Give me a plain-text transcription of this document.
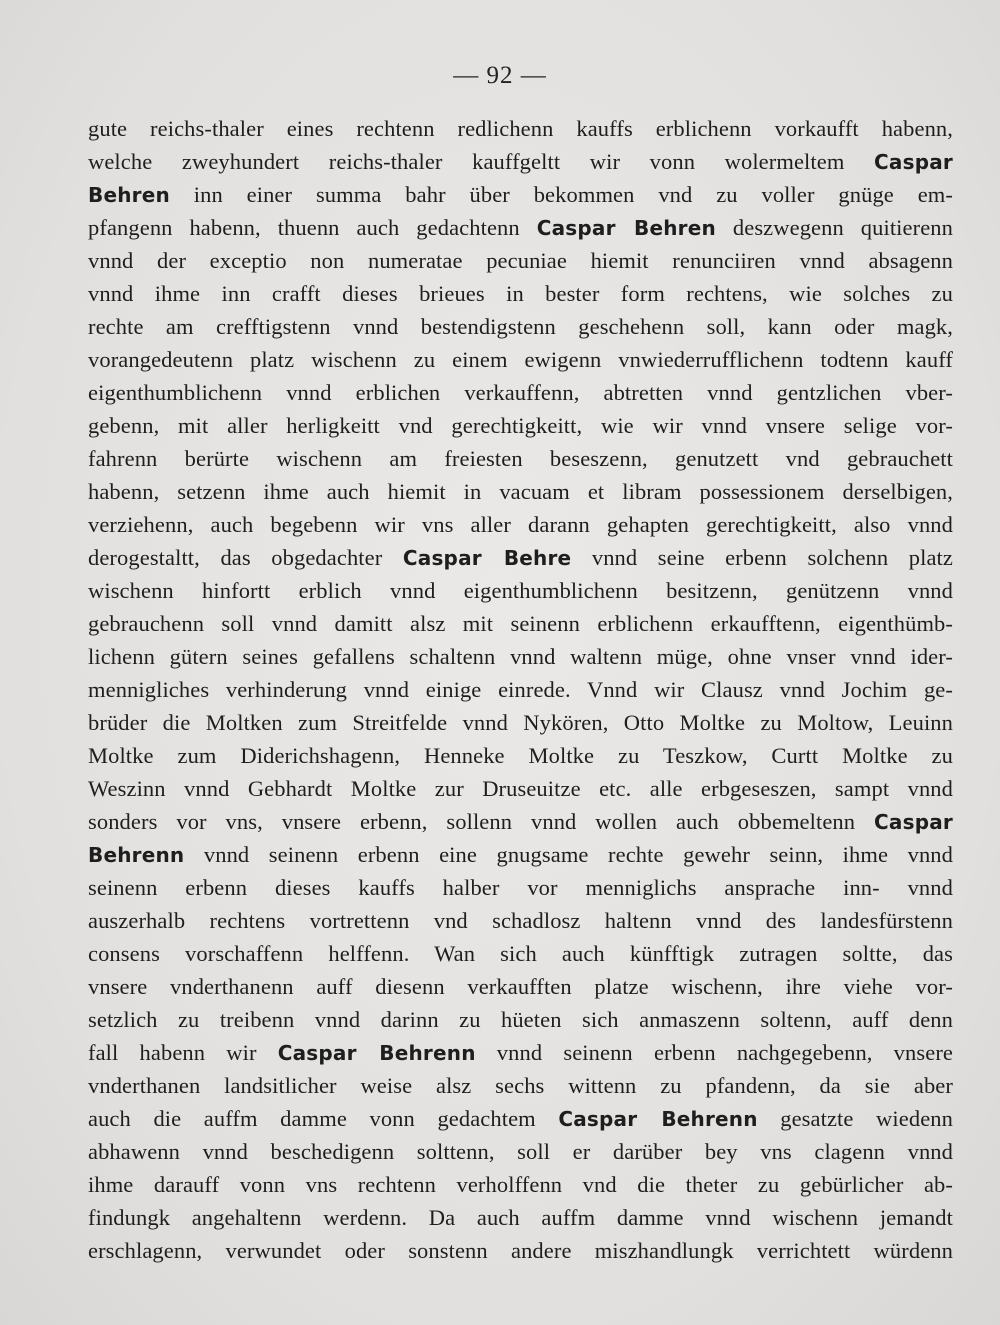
— 92 —
gute reichs-thaler eines rechtenn redlichenn kauffs erblichenn vorkaufft habenn,
welche zweyhundert reichs-thaler kauffgeltt wir vonn wolermeltem Caspar
Behren inn einer summa bahr über bekommen vnd zu voller gnüge em-
pfangenn habenn, thuenn auch gedachtenn Caspar Behren deszwegenn quitierenn
vnnd der exceptio non numeratae pecuniae hiemit renunciiren vnnd absagenn
vnnd ihme inn crafft dieses brieues in bester form rechtens, wie solches zu
rechte am crefftigstenn vnnd bestendigstenn geschehenn soll, kann oder magk,
vorangedeutenn platz wischenn zu einem ewigenn vnwiederrufflichenn todtenn kauff
eigenthumblichenn vnnd erblichen verkauffenn, abtretten vnnd gentzlichen vber-
gebenn, mit aller herligkeitt vnd gerechtigkeitt, wie wir vnnd vnsere selige vor-
fahrenn berürte wischenn am freiesten beseszenn, genutzett vnd gebrauchett
habenn, setzenn ihme auch hiemit in vacuam et libram possessionem derselbigen,
verziehenn, auch begebenn wir vns aller darann gehapten gerechtigkeitt, also vnnd
derogestaltt, das obgedachter Caspar Behre vnnd seine erbenn solchenn platz
wischenn hinfortt erblich vnnd eigenthumblichenn besitzenn, genützenn vnnd
gebrauchenn soll vnnd damitt alsz mit seinenn erblichenn erkaufftenn, eigenthümb-
lichenn gütern seines gefallens schaltenn vnnd waltenn müge, ohne vnser vnnd ider-
mennigliches verhinderung vnnd einige einrede. Vnnd wir Clausz vnnd Jochim ge-
brüder die Moltken zum Streitfelde vnnd Nykören, Otto Moltke zu Moltow, Leuinn
Moltke zum Diderichshagenn, Henneke Moltke zu Teszkow, Curtt Moltke zu
Weszinn vnnd Gebhardt Moltke zur Druseuitze etc. alle erbgeseszen, sampt vnnd
sonders vor vns, vnsere erbenn, sollenn vnnd wollen auch obbemeltenn Caspar
Behrenn vnnd seinenn erbenn eine gnugsame rechte gewehr seinn, ihme vnnd
seinenn erbenn dieses kauffs halber vor menniglichs ansprache inn- vnnd
auszerhalb rechtens vortrettenn vnd schadlosz haltenn vnnd des landesfürstenn
consens vorschaffenn helffenn. Wan sich auch künfftigk zutragen soltte, das
vnsere vnderthanenn auff diesenn verkaufften platze wischenn, ihre viehe vor-
setzlich zu treibenn vnnd darinn zu hüeten sich anmaszenn soltenn, auff denn
fall habenn wir Caspar Behrenn vnnd seinenn erbenn nachgegebenn, vnsere
vnderthanen landsitlicher weise alsz sechs wittenn zu pfandenn, da sie aber
auch die auffm damme vonn gedachtem Caspar Behrenn gesatzte wiedenn
abhawenn vnnd beschedigenn solttenn, soll er darüber bey vns clagenn vnnd
ihme darauff vonn vns rechtenn verholffenn vnd die theter zu gebürlicher ab-
findungk angehaltenn werdenn. Da auch auffm damme vnnd wischenn jemandt
erschlagenn, verwundet oder sonstenn andere miszhandlungk verrichtett würdenn
